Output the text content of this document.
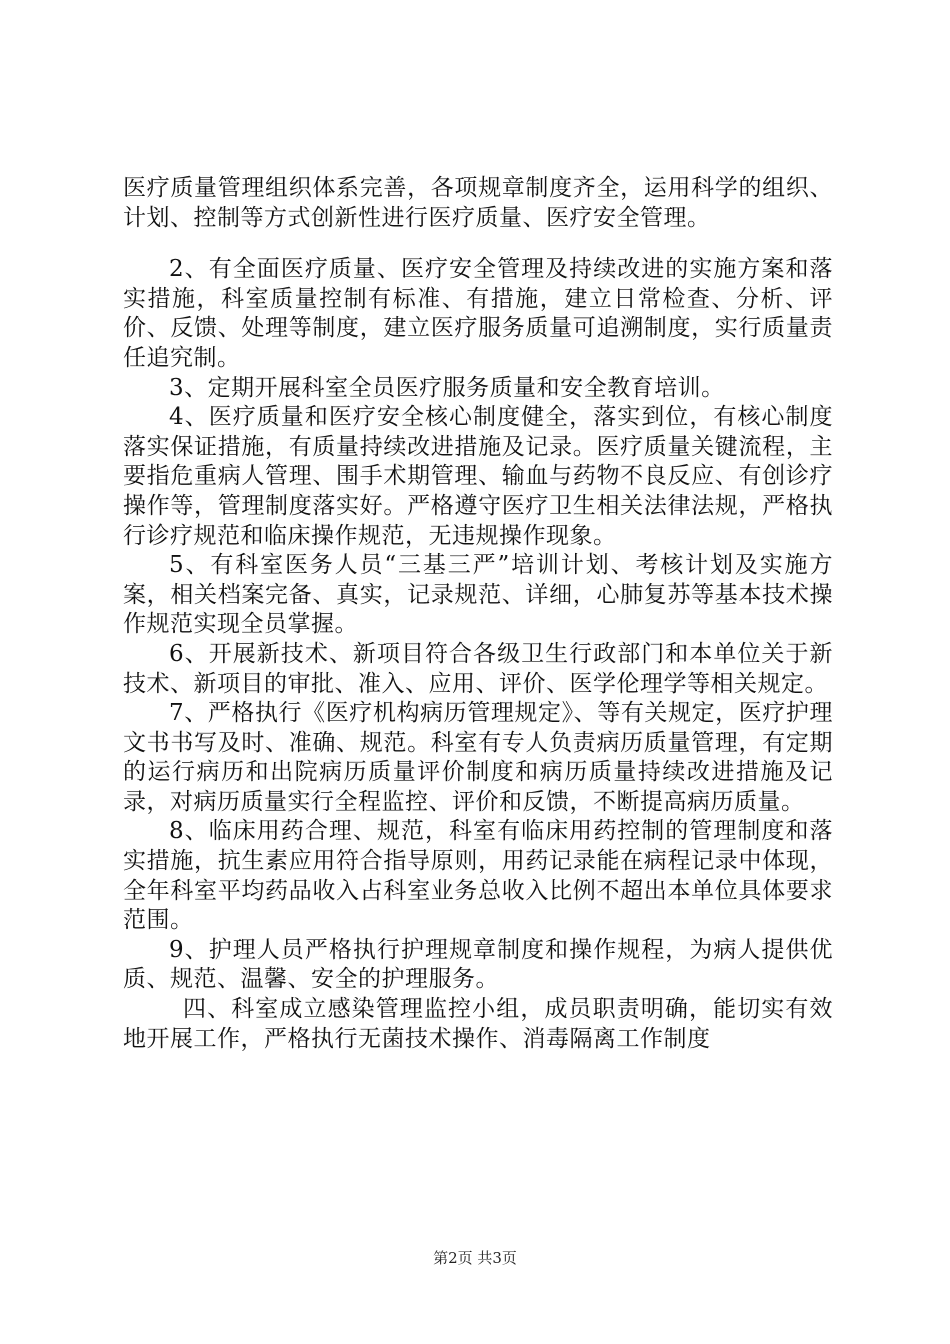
医疗质量管理组织体系完善，各项规章制度齐全，运用科学的组织、计划、控制等方式创新性进行医疗质量、医疗安全管理。

2、有全面医疗质量、医疗安全管理及持续改进的实施方案和落实措施，科室质量控制有标准、有措施，建立日常检查、分析、评价、反馈、处理等制度，建立医疗服务质量可追溯制度，实行质量责任追究制。

3、定期开展科室全员医疗服务质量和安全教育培训。

4、医疗质量和医疗安全核心制度健全，落实到位，有核心制度落实保证措施，有质量持续改进措施及记录。医疗质量关键流程，主要指危重病人管理、围手术期管理、输血与药物不良反应、有创诊疗操作等，管理制度落实好。严格遵守医疗卫生相关法律法规，严格执行诊疗规范和临床操作规范，无违规操作现象。

5、有科室医务人员“三基三严”培训计划、考核计划及实施方案，相关档案完备、真实，记录规范、详细，心肺复苏等基本技术操作规范实现全员掌握。

6、开展新技术、新项目符合各级卫生行政部门和本单位关于新技术、新项目的审批、准入、应用、评价、医学伦理学等相关规定。

7、严格执行《医疗机构病历管理规定》、等有关规定，医疗护理文书书写及时、准确、规范。科室有专人负责病历质量管理，有定期的运行病历和出院病历质量评价制度和病历质量持续改进措施及记录，对病历质量实行全程监控、评价和反馈，不断提高病历质量。

8、临床用药合理、规范，科室有临床用药控制的管理制度和落实措施，抗生素应用符合指导原则，用药记录能在病程记录中体现，全年科室平均药品收入占科室业务总收入比例不超出本单位具体要求范围。

9、护理人员严格执行护理规章制度和操作规程，为病人提供优质、规范、温馨、安全的护理服务。

四、科室成立感染管理监控小组，成员职责明确，能切实有效地开展工作，严格执行无菌技术操作、消毒隔离工作制度

第2页 共3页
